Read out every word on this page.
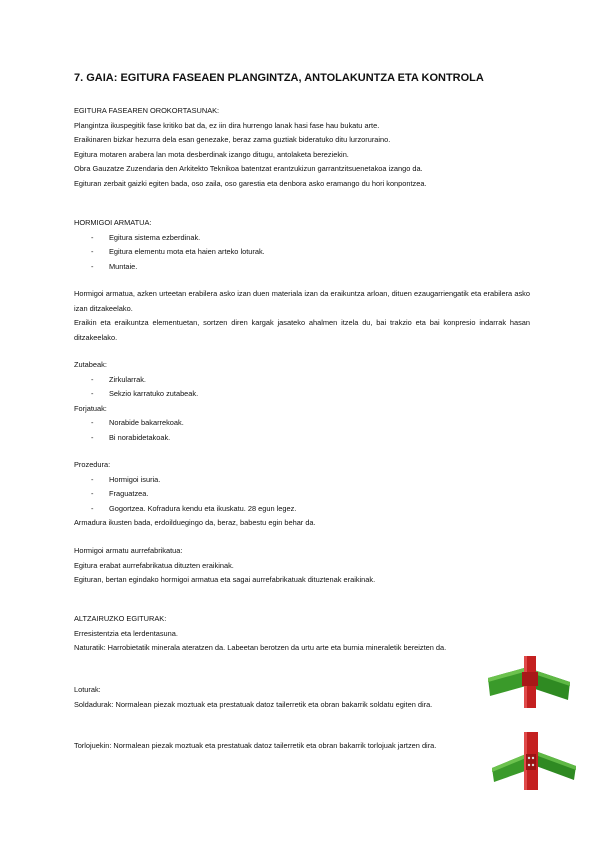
7. GAIA: EGITURA FASEAEN PLANGINTZA, ANTOLAKUNTZA ETA KONTROLA

EGITURA FASEAREN OROKORTASUNAK:

Plangintza ikuspegitik fase kritiko bat da, ez iin dira hurrengo lanak hasi fase hau bukatu arte.

Eraikinaren bizkar hezurra dela esan genezake, beraz zama guztiak bideratuko ditu lurzoruraino.

Egitura motaren arabera lan mota desberdinak izango ditugu, antolaketa bereziekin.

Obra Gauzatze Zuzendaria den Arkitekto Teknikoa batentzat erantzukizun garrantzitsuenetakoa izango da.

Egituran zerbait gaizki egiten bada, oso zaila, oso garestia eta denbora asko eramango du hori konpontzea.

HORMIGOI ARMATUA:

- Egitura sistema ezberdinak.
- Egitura elementu mota eta haien arteko loturak.
- Muntaie.

Hormigoi armatua, azken urteetan erabilera asko izan duen materiala izan da eraikuntza arloan, dituen ezaugarriengatik eta erabilera asko izan ditzakeelako.

Eraikin eta eraikuntza elementuetan, sortzen diren kargak jasateko ahalmen itzela du, bai trakzio eta bai konpresio indarrak hasan ditzakeelako.

Zutabeak:

- Zirkularrak.
- Sekzio karratuko zutabeak.

Forjatuak:

- Norabide bakarrekoak.
- Bi norabidetakoak.

Prozedura:

- Hormigoi isuria.
- Fraguatzea.
- Gogortzea. Kofradura kendu eta ikuskatu. 28 egun legez.

Armadura ikusten bada, erdoilduegingo da, beraz, babestu egin behar da.

Hormigoi armatu aurrefabrikatua:

Egitura erabat aurrefabrikatua dituzten eraikinak.

Egituran, bertan egindako hormigoi armatua eta sagai aurrefabrikatuak dituztenak eraikinak.

ALTZAIRUZKO EGITURAK:

Erresistentzia eta lerdentasuna.

Naturatik: Harrobietatik minerala ateratzen da. Labeetan berotzen da urtu arte eta burnia mineraletik bereizten da.

Loturak:

Soldadurak: Normalean piezak moztuak eta prestatuak datoz tailerretik eta obran bakarrik soldatu egiten dira.

Torlojuekin: Normalean piezak moztuak eta prestatuak datoz tailerretik eta obran bakarrik torlojuak jartzen dira.
